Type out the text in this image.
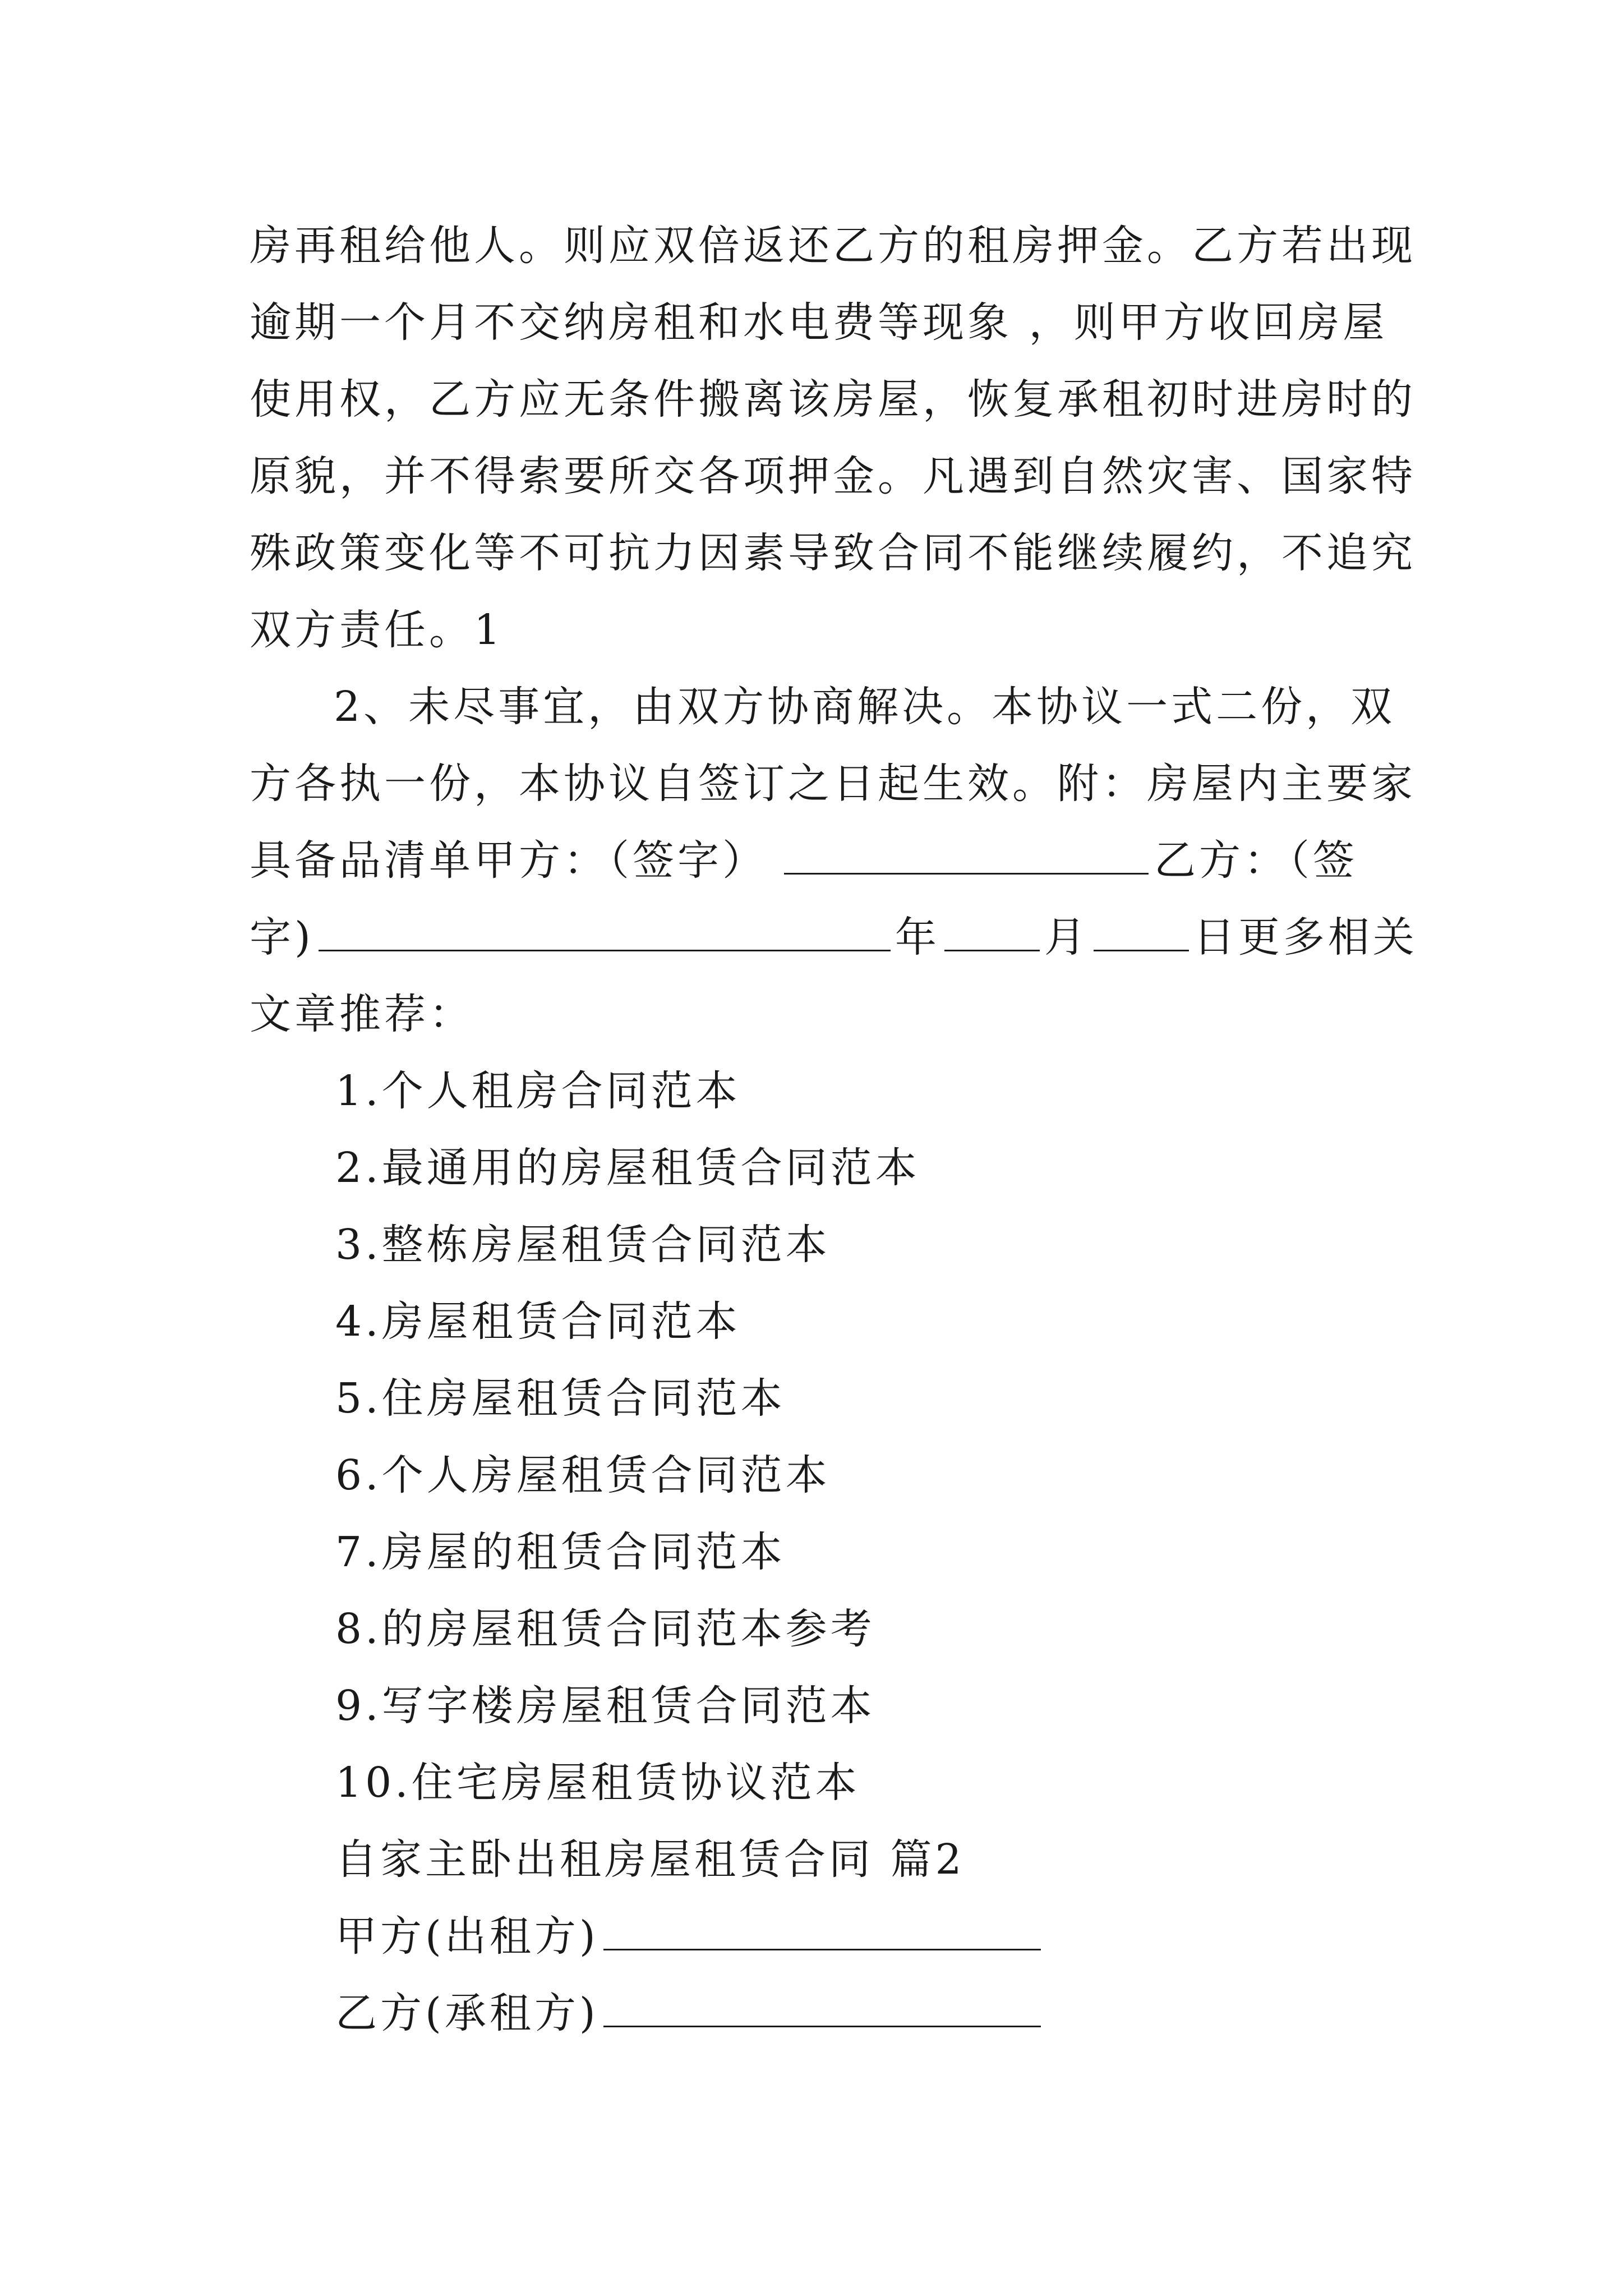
房再租给他人。则应双倍返还乙方的租房押金。乙方若出现
逾期一个月不交纳房租和水电费等现象 ，则甲方收回房屋
使用权，乙方应无条件搬离该房屋，恢复承租初时进房时的
原貌，并不得索要所交各项押金。凡遇到自然灾害、国家特
殊政策变化等不可抗力因素导致合同不能继续履约，不追究
双方责任。1
2、未尽事宜，由双方协商解决。本协议一式二份，双
方各执一份，本协议自签订之日起生效。附：房屋内主要家
具备品清单甲方：（签字）	乙方：（签
字)	年	月	日更多相关
文章推荐：
1.个人租房合同范本
2.最通用的房屋租赁合同范本
3.整栋房屋租赁合同范本
4.房屋租赁合同范本
5.住房屋租赁合同范本
6.个人房屋租赁合同范本
7.房屋的租赁合同范本
8.的房屋租赁合同范本参考
9.写字楼房屋租赁合同范本
10.住宅房屋租赁协议范本
自家主卧出租房屋租赁合同 篇2
甲方(出租方)
乙方(承租方)
